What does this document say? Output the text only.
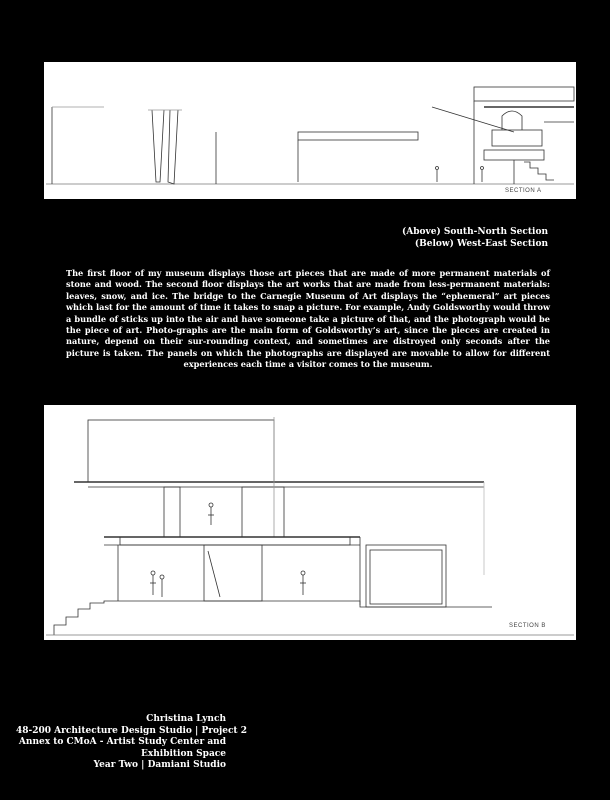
SECTION A
(Above) South-North Section
(Below) West-East Section
The first floor of my museum displays those art pieces that are made of more permanent materials of stone and wood. The second floor displays the art works that are made from less-permanent materials: leaves, snow, and ice. The bridge to the Carnegie Museum of Art displays the “ephemeral” art pieces which last for the amount of time it takes to snap a picture. For example, Andy Goldsworthy would throw a bundle of sticks up into the air and have someone take a picture of that, and the photograph would be the piece of art. Photo-graphs are the main form of Goldsworthy’s art, since the pieces are created in nature, depend on their sur-rounding context, and sometimes are distroyed only seconds after the picture is taken. The panels on which the photographs are displayed are movable to allow for different experiences each time a visitor comes to the museum.
SECTION B
Christina Lynch
48-200 Architecture Design Studio | Project 2
Annex to CMoA - Artist Study Center and
Exhibition Space
Year Two | Damiani Studio
